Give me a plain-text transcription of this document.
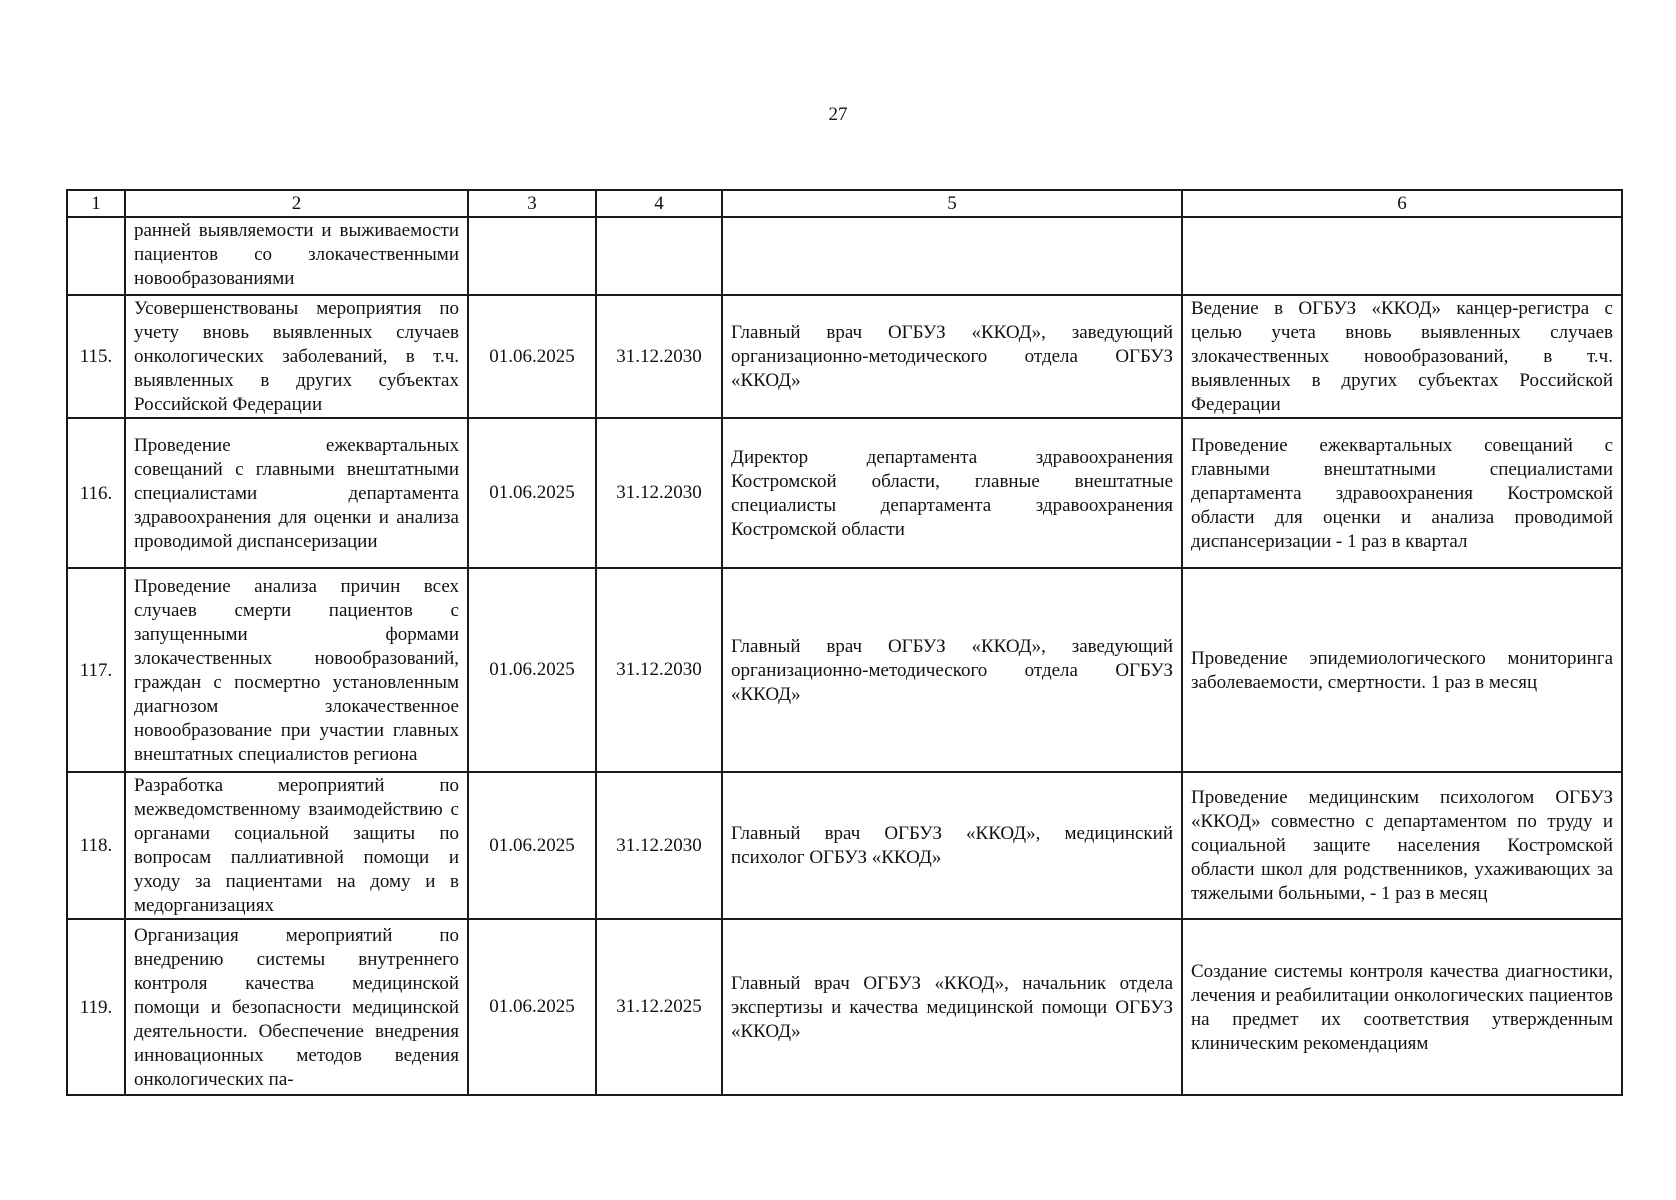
27
1	2	3	4	5	6
	ранней выявляемости и выживаемости пациентов со злокачественными новообразованиями				
115.	Усовершенствованы мероприятия по учету вновь выявленных случаев онкологических заболеваний, в т.ч. выявленных в других субъектах Российской Федерации	01.06.2025	31.12.2030	Главный врач ОГБУЗ «ККОД», заведующий организационно-методического отдела ОГБУЗ «ККОД»	Ведение в ОГБУЗ «ККОД» канцер-регистра с целью учета вновь выявленных случаев злокачественных новообразований, в т.ч. выявленных в других субъектах Российской Федерации
116.	Проведение ежеквартальных совещаний с главными внештатными специалистами департамента здравоохранения для оценки и анализа проводимой диспансеризации	01.06.2025	31.12.2030	Директор департамента здравоохранения Костромской области, главные внештатные специалисты департамента здравоохранения Костромской области	Проведение ежеквартальных совещаний с главными внештатными специалистами департамента здравоохранения Костромской области для оценки и анализа проводимой диспансеризации - 1 раз в квартал
117.	Проведение анализа причин всех случаев смерти пациентов с запущенными формами злокачественных новообразований, граждан с посмертно установленным диагнозом злокачественное новообразование при участии главных внештатных специалистов региона	01.06.2025	31.12.2030	Главный врач ОГБУЗ «ККОД», заведующий организационно-методического отдела ОГБУЗ «ККОД»	Проведение эпидемиологического мониторинга заболеваемости, смертности. 1 раз в месяц
118.	Разработка мероприятий по межведомственному взаимодействию с органами социальной защиты по вопросам паллиативной помощи и уходу за пациентами на дому и в медорганизациях	01.06.2025	31.12.2030	Главный врач ОГБУЗ «ККОД», медицинский психолог ОГБУЗ «ККОД»	Проведение медицинским психологом ОГБУЗ «ККОД» совместно с департаментом по труду и социальной защите населения Костромской области школ для родственников, ухаживающих за тяжелыми больными, - 1 раз в месяц
119.	Организация мероприятий по внедрению системы внутреннего контроля качества медицинской помощи и безопасности медицинской деятельности. Обеспечение внедрения инновационных методов ведения онкологических па-	01.06.2025	31.12.2025	Главный врач ОГБУЗ «ККОД», начальник отдела экспертизы и качества медицинской помощи ОГБУЗ «ККОД»	Создание системы контроля качества диагностики, лечения и реабилитации онкологических пациентов на предмет их соответствия утвержденным клиническим рекомендациям
